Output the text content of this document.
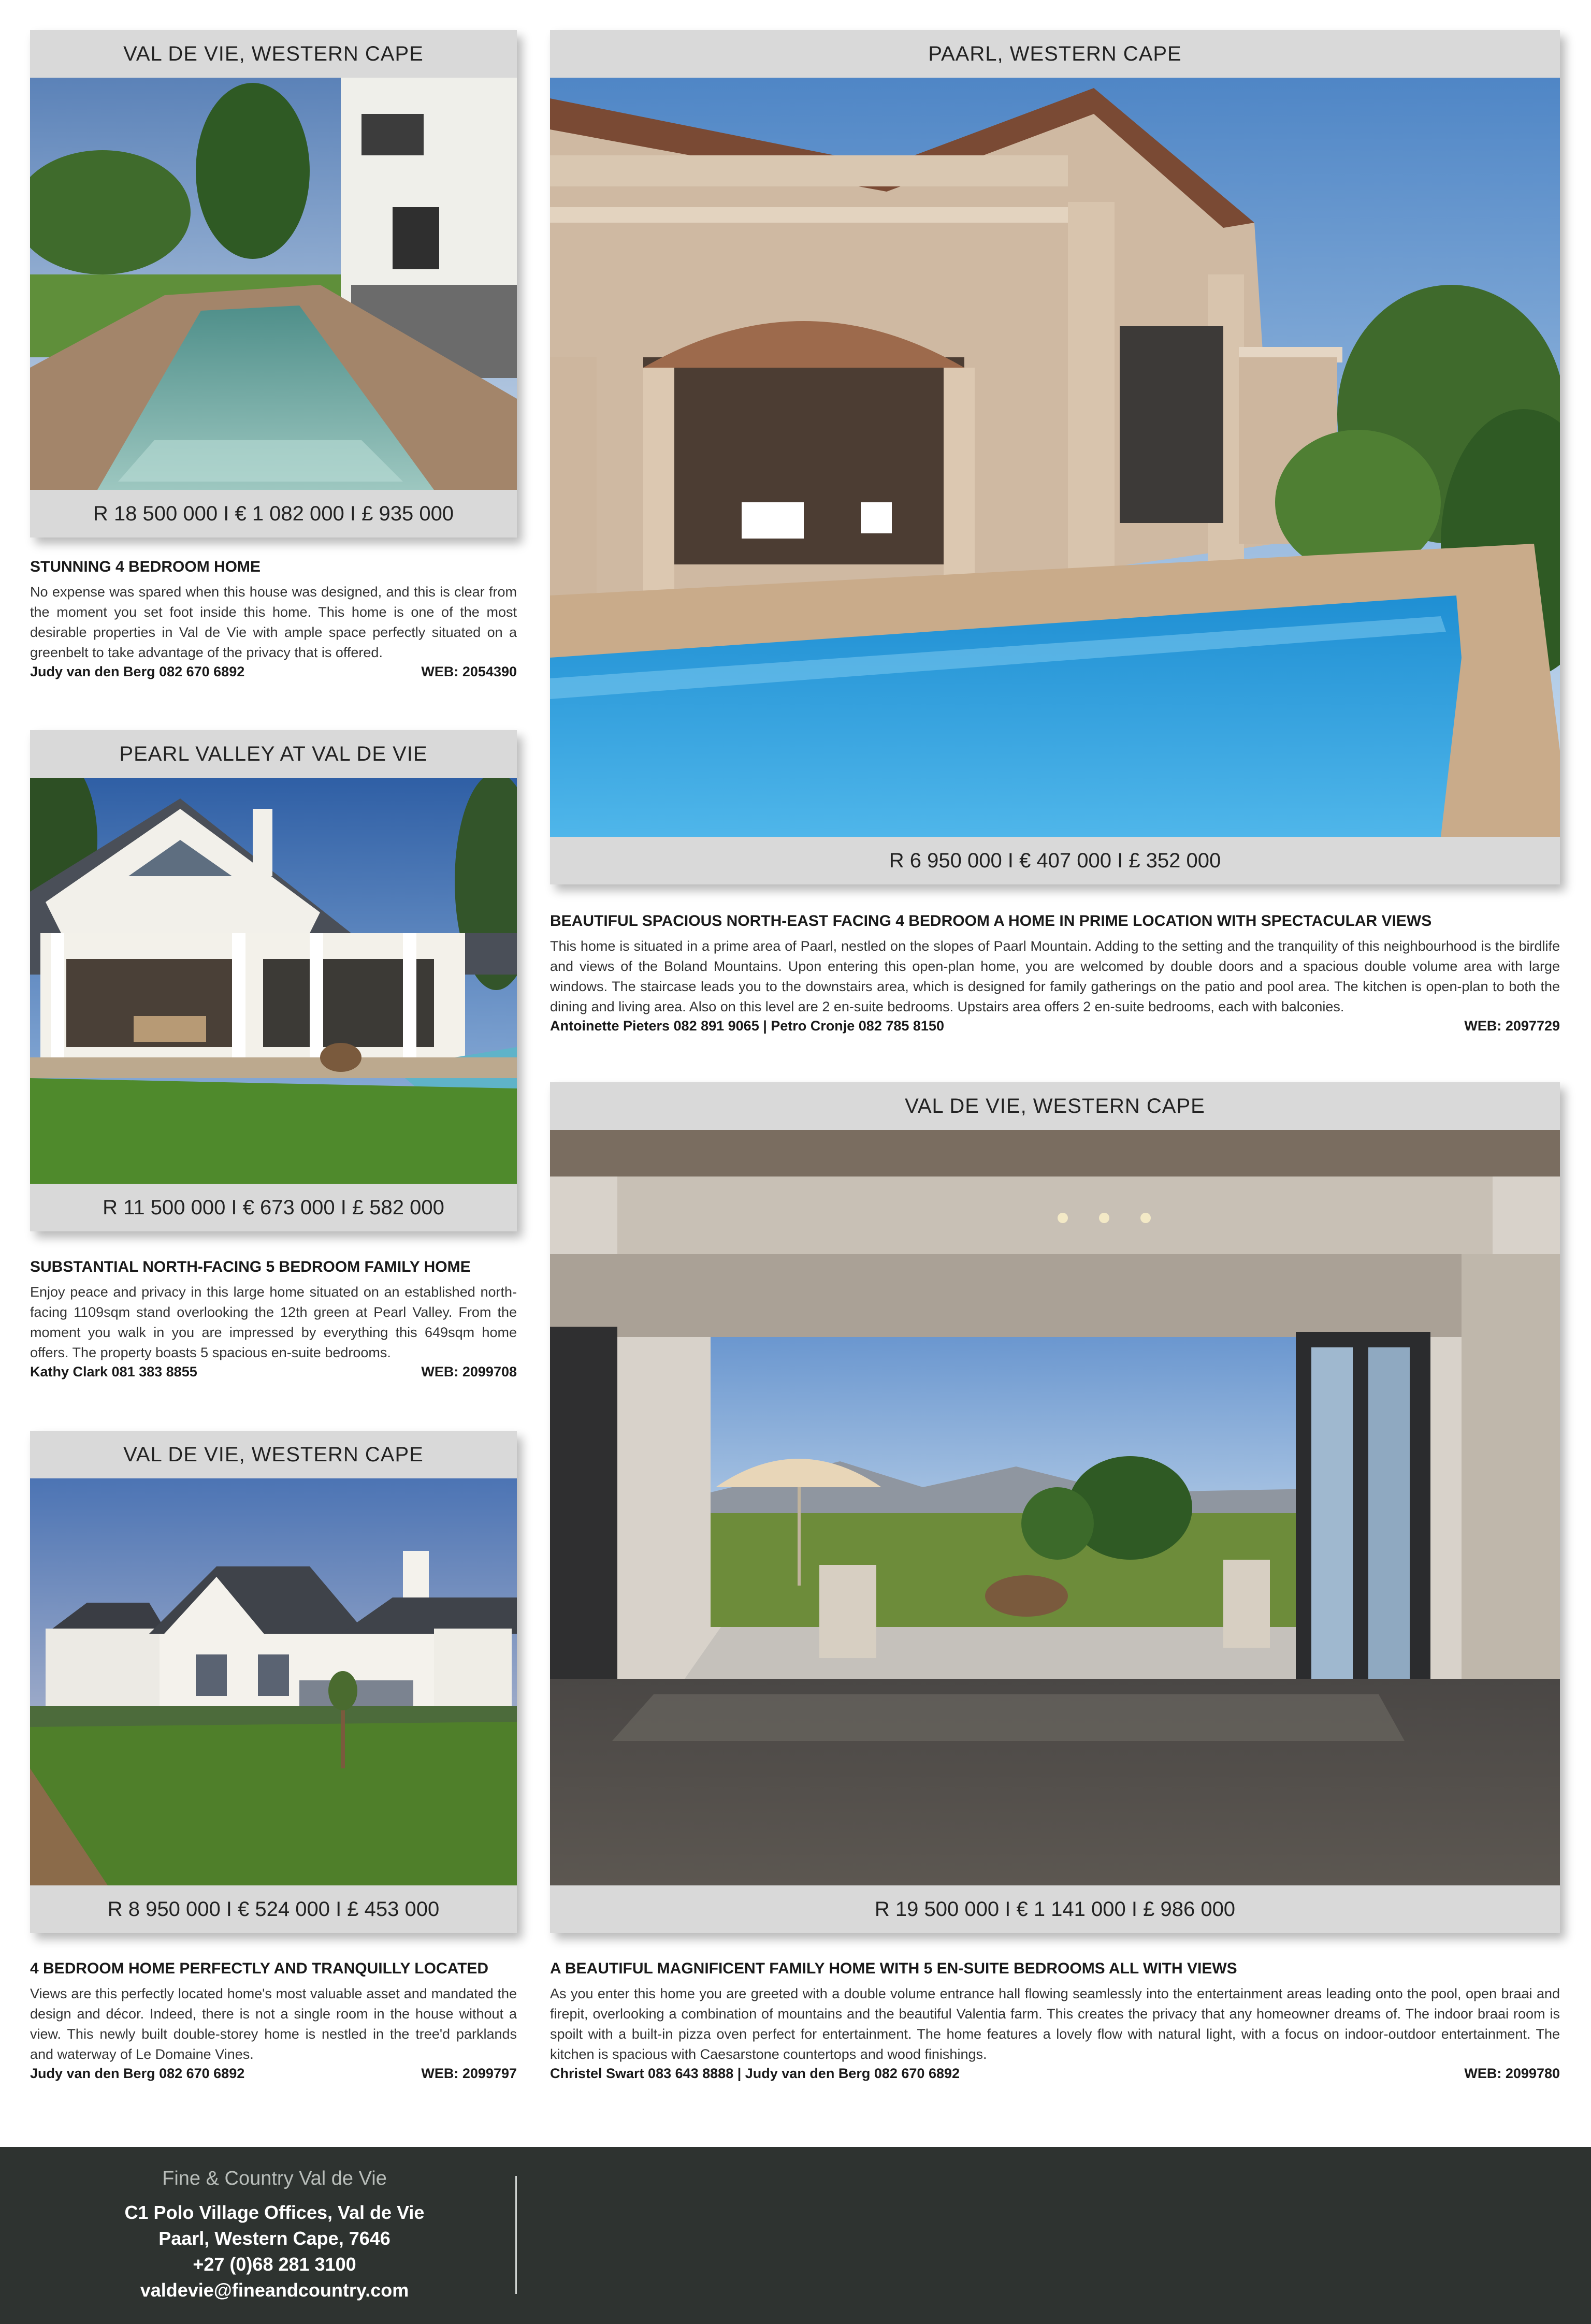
VAL DE VIE, WESTERN CAPE
R 18 500 000 I € 1 082 000 I £ 935 000

STUNNING 4 BEDROOM HOME

No expense was spared when this house was designed, and this is clear from the moment you set foot inside this home. This home is one of the most desirable properties in Val de Vie with ample space perfectly situated on a greenbelt to take advantage of the privacy that is offered.

Judy van den Berg 082 670 6892	WEB: 2054390
PEARL VALLEY AT VAL DE VIE
R 11 500 000 I € 673 000 I £ 582 000

SUBSTANTIAL NORTH-FACING 5 BEDROOM FAMILY HOME

Enjoy peace and privacy in this large home situated on an established north-facing 1109sqm stand overlooking the 12th green at Pearl Valley. From the moment you walk in you are impressed by everything this 649sqm home offers. The property boasts 5 spacious en-suite bedrooms.

Kathy Clark 081 383 8855	WEB: 2099708
VAL DE VIE, WESTERN CAPE
R 8 950 000 I € 524 000 I £ 453 000

4 BEDROOM HOME PERFECTLY AND TRANQUILLY LOCATED

Views are this perfectly located home's most valuable asset and mandated the design and décor. Indeed, there is not a single room in the house without a view. This newly built double-storey home is nestled in the tree'd parklands and waterway of Le Domaine Vines.

Judy van den Berg 082 670 6892	WEB: 2099797
PAARL, WESTERN CAPE
R 6 950 000 I € 407 000 I £ 352 000

BEAUTIFUL SPACIOUS NORTH-EAST FACING 4 BEDROOM A HOME IN PRIME LOCATION WITH SPECTACULAR VIEWS

This home is situated in a prime area of Paarl, nestled on the slopes of Paarl Mountain. Adding to the setting and the tranquility of this neighbourhood is the birdlife and views of the Boland Mountains. Upon entering this open-plan home, you are welcomed by double doors and a spacious double volume area with large windows. The staircase leads you to the downstairs area, which is designed for family gatherings on the patio and pool area. The kitchen is open-plan to both the dining and living area. Also on this level are 2 en-suite bedrooms. Upstairs area offers 2 en-suite bedrooms, each with balconies.

Antoinette Pieters 082 891 9065 | Petro Cronje 082 785 8150	WEB: 2097729
VAL DE VIE, WESTERN CAPE
R 19 500 000 I € 1 141 000 I £ 986 000

A BEAUTIFUL MAGNIFICENT FAMILY HOME WITH 5 EN-SUITE BEDROOMS ALL WITH VIEWS

As you enter this home you are greeted with a double volume entrance hall flowing seamlessly into the entertainment areas leading onto the pool, open braai and firepit, overlooking a combination of mountains and the beautiful Valentia farm. This creates the privacy that any homeowner dreams of. The indoor braai room is spoilt with a built-in pizza oven perfect for entertainment. The home features a lovely flow with natural light, with a focus on indoor-outdoor entertainment. The kitchen is spacious with Caesarstone countertops and wood finishings.

Christel Swart 083 643 8888 | Judy van den Berg 082 670 6892	WEB: 2099780
Fine & Country Val de Vie
C1 Polo Village Offices, Val de Vie
Paarl, Western Cape, 7646
+27 (0)68 281 3100
valdevie@fineandcountry.com
